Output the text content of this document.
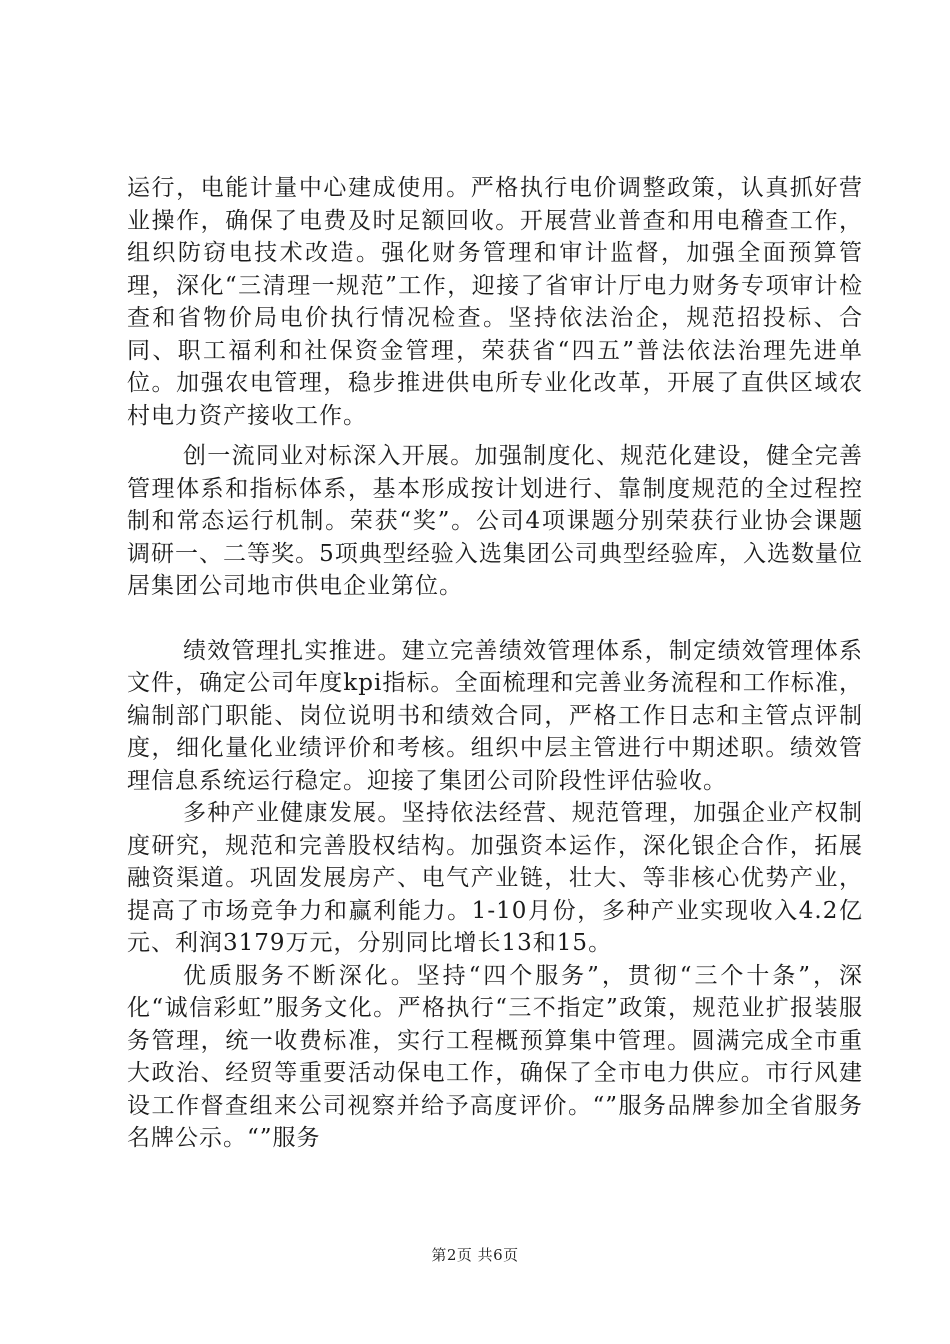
运行，电能计量中心建成使用。严格执行电价调整政策，认真抓好营业操作，确保了电费及时足额回收。开展营业普查和用电稽查工作，组织防窃电技术改造。强化财务管理和审计监督，加强全面预算管理，深化“三清理一规范”工作，迎接了省审计厅电力财务专项审计检查和省物价局电价执行情况检查。坚持依法治企，规范招投标、合同、职工福利和社保资金管理，荣获省“四五”普法依法治理先进单位。加强农电管理，稳步推进供电所专业化改革，开展了直供区域农村电力资产接收工作。

创一流同业对标深入开展。加强制度化、规范化建设，健全完善管理体系和指标体系，基本形成按计划进行、靠制度规范的全过程控制和常态运行机制。荣获“奖”。公司4项课题分别荣获行业协会课题调研一、二等奖。5项典型经验入选集团公司典型经验库，入选数量位居集团公司地市供电企业第位。

绩效管理扎实推进。建立完善绩效管理体系，制定绩效管理体系文件，确定公司年度kpi指标。全面梳理和完善业务流程和工作标准，编制部门职能、岗位说明书和绩效合同，严格工作日志和主管点评制度，细化量化业绩评价和考核。组织中层主管进行中期述职。绩效管理信息系统运行稳定。迎接了集团公司阶段性评估验收。

多种产业健康发展。坚持依法经营、规范管理，加强企业产权制度研究，规范和完善股权结构。加强资本运作，深化银企合作，拓展融资渠道。巩固发展房产、电气产业链，壮大、等非核心优势产业，提高了市场竞争力和赢利能力。1-10月份，多种产业实现收入4.2亿元、利润3179万元，分别同比增长13和15。

优质服务不断深化。坚持“四个服务”，贯彻“三个十条”，深化“诚信彩虹”服务文化。严格执行“三不指定”政策，规范业扩报装服务管理，统一收费标准，实行工程概预算集中管理。圆满完成全市重大政治、经贸等重要活动保电工作，确保了全市电力供应。市行风建设工作督查组来公司视察并给予高度评价。“”服务品牌参加全省服务名牌公示。“”服务

第2页 共6页
